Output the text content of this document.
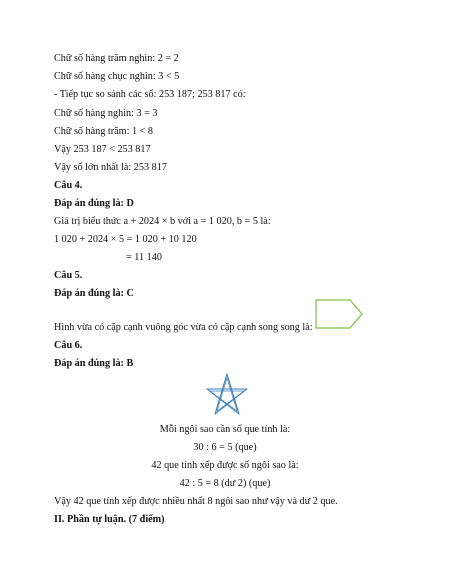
Chữ số hàng trăm nghìn: 2 = 2
Chữ số hàng chục nghìn: 3 < 5
- Tiếp tục so sánh các số: 253 187; 253 817 có:
Chữ số hàng nghìn: 3 = 3
Chữ số hàng trăm: 1 < 8
Vậy 253 187 < 253 817
Vậy số lớn nhất là: 253 817
Câu 4.
Đáp án đúng là: D
Giá trị biểu thức a + 2024 × b với a = 1 020, b = 5 là:
1 020 + 2024 × 5 = 1 020 + 10 120
= 11 140
Câu 5.
Đáp án đúng là: C
Hình vừa có cặp cạnh vuông góc vừa có cặp cạnh song song là:
Câu 6.
Đáp án đúng là: B
Mỗi ngôi sao cần số que tính là:
30 : 6 = 5 (que)
42 que tính xếp được số ngôi sao là:
42 : 5 = 8 (dư 2) (que)
Vậy 42 que tính xếp được nhiều nhất 8 ngôi sao như vậy và dư 2 que.
II. Phần tự luận. (7 điểm)
